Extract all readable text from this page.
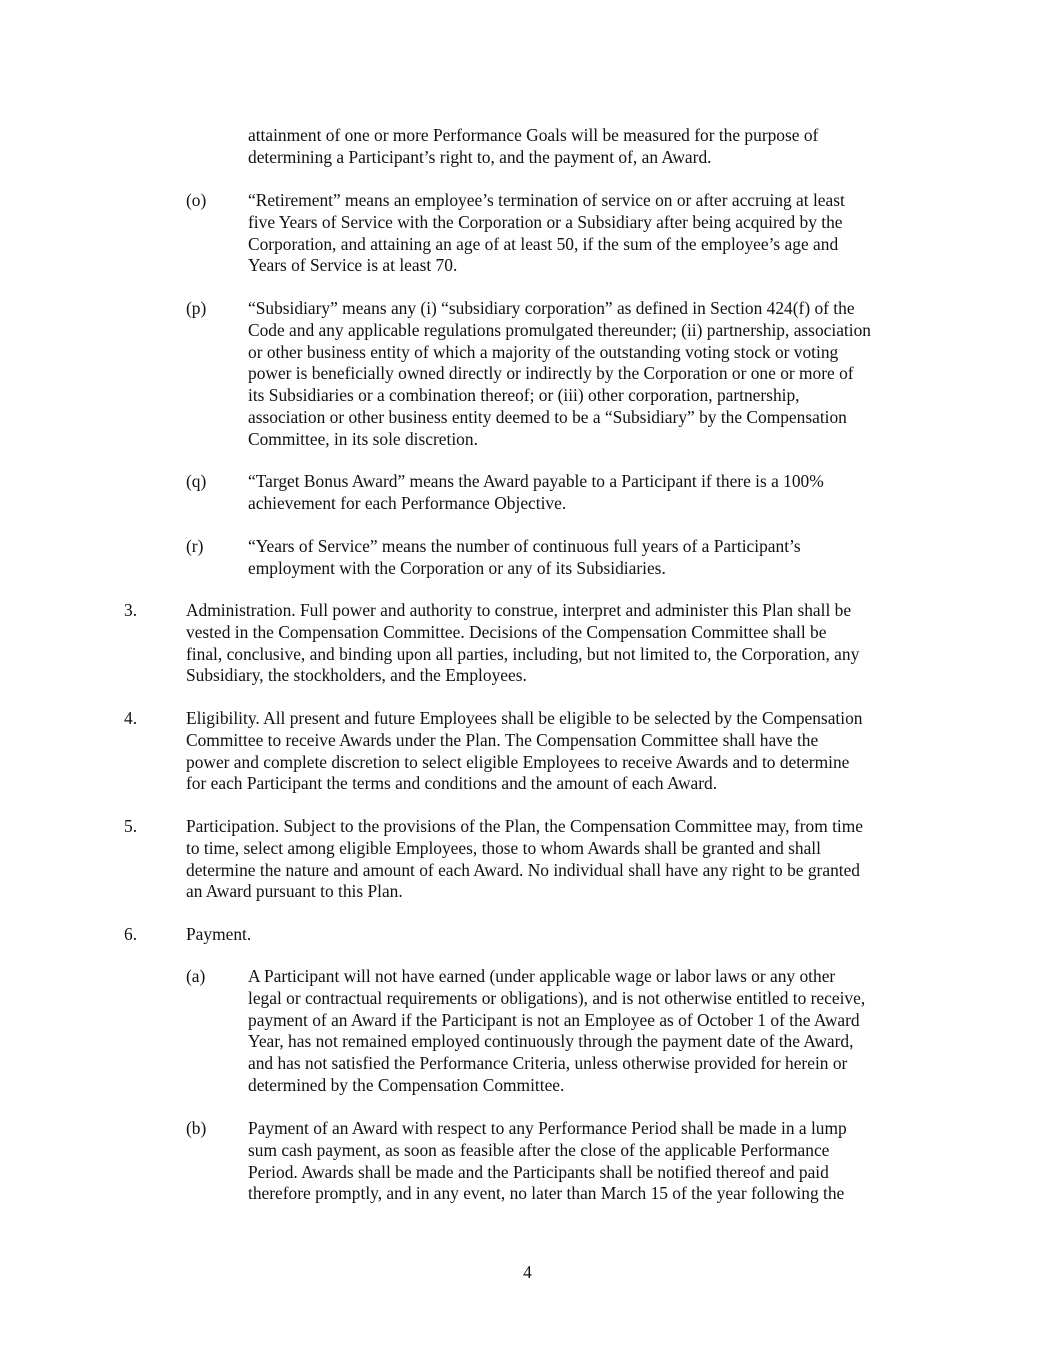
attainment of one or more Performance Goals will be measured for the purpose of

determining a Participant’s right to, and the payment of, an Award.

(o) “Retirement” means an employee’s termination of service on or after accruing at least

five Years of Service with the Corporation or a Subsidiary after being acquired by the

Corporation, and attaining an age of at least 50, if the sum of the employee’s age and

Years of Service is at least 70.

(p) “Subsidiary” means any (i) “subsidiary corporation” as defined in Section 424(f) of the

Code and any applicable regulations promulgated thereunder; (ii) partnership, association

or other business entity of which a majority of the outstanding voting stock or voting

power is beneficially owned directly or indirectly by the Corporation or one or more of

its Subsidiaries or a combination thereof; or (iii) other corporation, partnership,

association or other business entity deemed to be a “Subsidiary” by the Compensation

Committee, in its sole discretion.

(q) “Target Bonus Award” means the Award payable to a Participant if there is a 100%

achievement for each Performance Objective.

(r)	“Years of Service” means the number of continuous full years of a Participant’s

employment with the Corporation or any of its Subsidiaries.

3.	Administration. Full power and authority to construe, interpret and administer this Plan shall be

vested in the Compensation Committee. Decisions of the Compensation Committee shall be

final, conclusive, and binding upon all parties, including, but not limited to, the Corporation, any

Subsidiary, the stockholders, and the Employees.

4.	Eligibility. All present and future Employees shall be eligible to be selected by the Compensation

Committee to receive Awards under the Plan. The Compensation Committee shall have the

power and complete discretion to select eligible Employees to receive Awards and to determine

for each Participant the terms and conditions and the amount of each Award.

5.	Participation. Subject to the provisions of the Plan, the Compensation Committee may, from time

to time, select among eligible Employees, those to whom Awards shall be granted and shall

determine the nature and amount of each Award. No individual shall have any right to be granted

an Award pursuant to this Plan.

6.	Payment.

(a) A Participant will not have earned (under applicable wage or labor laws or any other

legal or contractual requirements or obligations), and is not otherwise entitled to receive,

payment of an Award if the Participant is not an Employee as of October 1 of the Award

Year, has not remained employed continuously through the payment date of the Award,

and has not satisfied the Performance Criteria, unless otherwise provided for herein or

determined by the Compensation Committee.

(b) Payment of an Award with respect to any Performance Period shall be made in a lump

sum cash payment, as soon as feasible after the close of the applicable Performance

Period. Awards shall be made and the Participants shall be notified thereof and paid

therefore promptly, and in any event, no later than March 15 of the year following the

4
